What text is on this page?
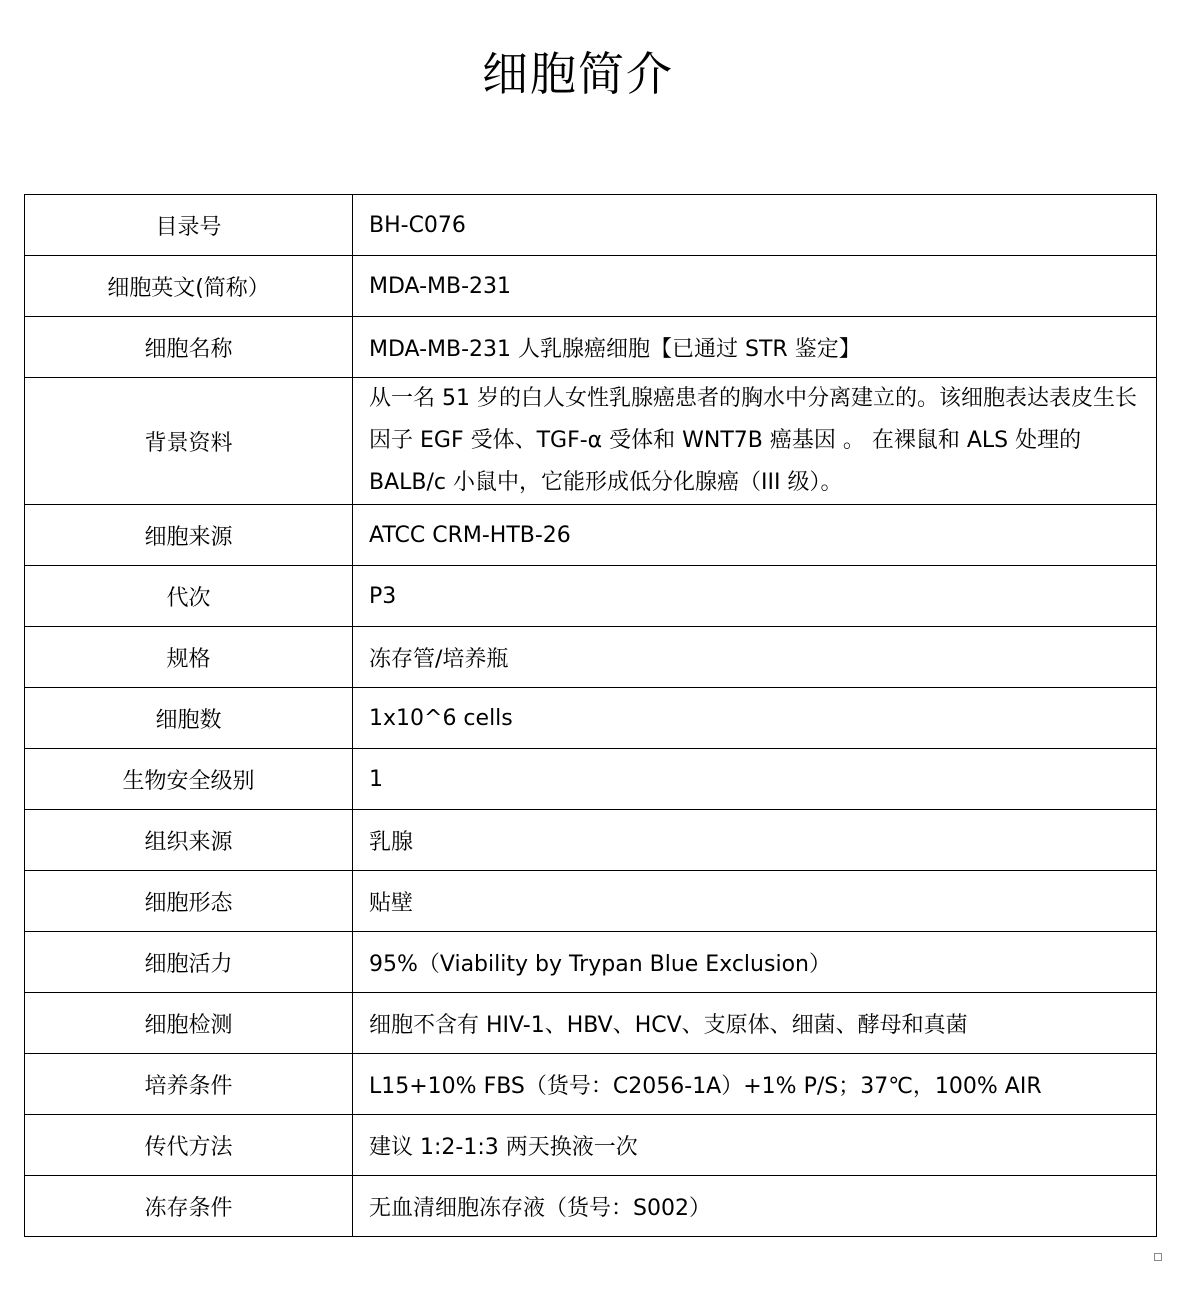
细胞简介
目录号	BH-C076
细胞英文(简称）	MDA-MB-231
细胞名称	MDA-MB-231 人乳腺癌细胞【已通过 STR 鉴定】
背景资料	从一名 51 岁的白人女性乳腺癌患者的胸水中分离建立的。该细胞表达表皮生长因子 EGF 受体、TGF-α 受体和 WNT7B 癌基因 。 在裸鼠和 ALS 处理的 BALB/c 小鼠中，它能形成低分化腺癌（III 级）。
细胞来源	ATCC CRM-HTB-26
代次	P3
规格	冻存管/培养瓶
细胞数	1x10^6 cells
生物安全级别	1
组织来源	乳腺
细胞形态	贴壁
细胞活力	95%（Viability by Trypan Blue Exclusion）
细胞检测	细胞不含有 HIV-1、HBV、HCV、支原体、细菌、酵母和真菌
培养条件	L15+10% FBS（货号：C2056-1A）+1% P/S；37℃，100% AIR
传代方法	建议 1:2-1:3 两天换液一次
冻存条件	无血清细胞冻存液（货号：S002）
